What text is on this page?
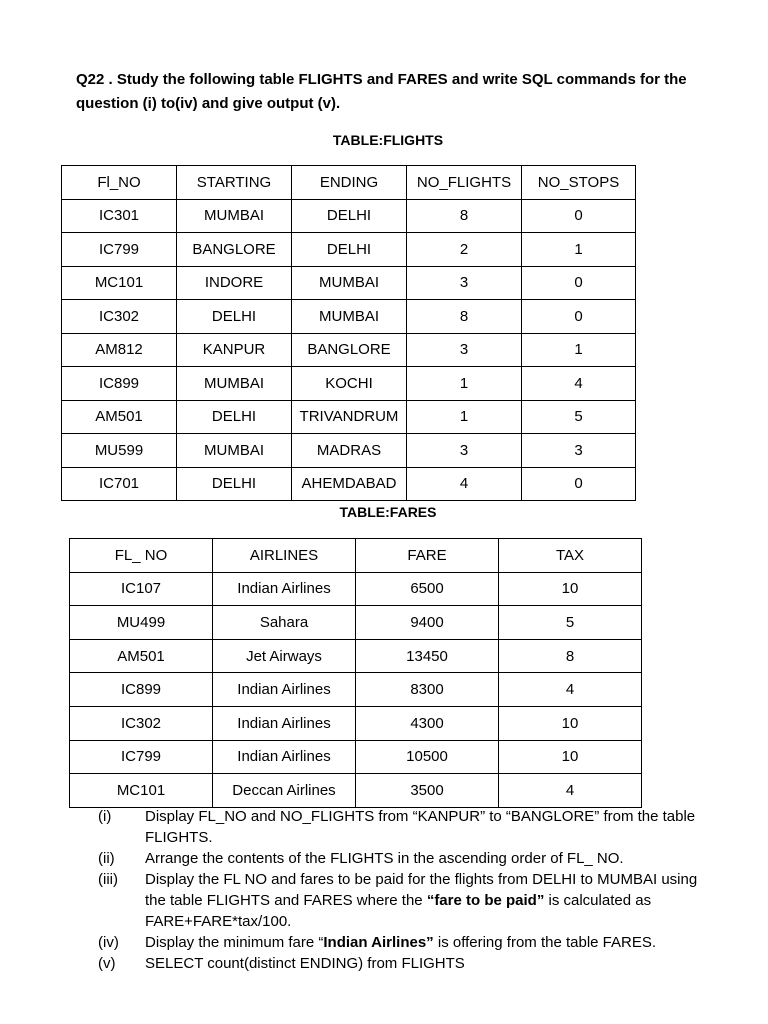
Q22 . Study the following table FLIGHTS and FARES and write SQL commands for the question (i) to(iv) and give output (v).
TABLE:FLIGHTS
Fl_NO	STARTING	ENDING	NO_FLIGHTS	NO_STOPS
IC301	MUMBAI	DELHI	8	0
IC799	BANGLORE	DELHI	2	1
MC101	INDORE	MUMBAI	3	0
IC302	DELHI	MUMBAI	8	0
AM812	KANPUR	BANGLORE	3	1
IC899	MUMBAI	KOCHI	1	4
AM501	DELHI	TRIVANDRUM	1	5
MU599	MUMBAI	MADRAS	3	3
IC701	DELHI	AHEMDABAD	4	0
TABLE:FARES
FL_ NO	AIRLINES	FARE	TAX
IC107	Indian Airlines	6500	10
MU499	Sahara	9400	5
AM501	Jet Airways	13450	8
IC899	Indian Airlines	8300	4
IC302	Indian Airlines	4300	10
IC799	Indian Airlines	10500	10
MC101	Deccan Airlines	3500	4
(i)	Display FL_NO and NO_FLIGHTS from “KANPUR” to “BANGLORE” from the table FLIGHTS.
(ii)	Arrange the contents of the FLIGHTS in the ascending order of FL_ NO.
(iii)	Display the FL NO and fares to be paid for the flights from DELHI to MUMBAI using the table FLIGHTS and FARES where the “fare to be paid” is calculated as FARE+FARE*tax/100.
(iv)	Display the minimum fare “Indian Airlines” is offering from the table FARES.
(v)	SELECT count(distinct ENDING) from FLIGHTS
